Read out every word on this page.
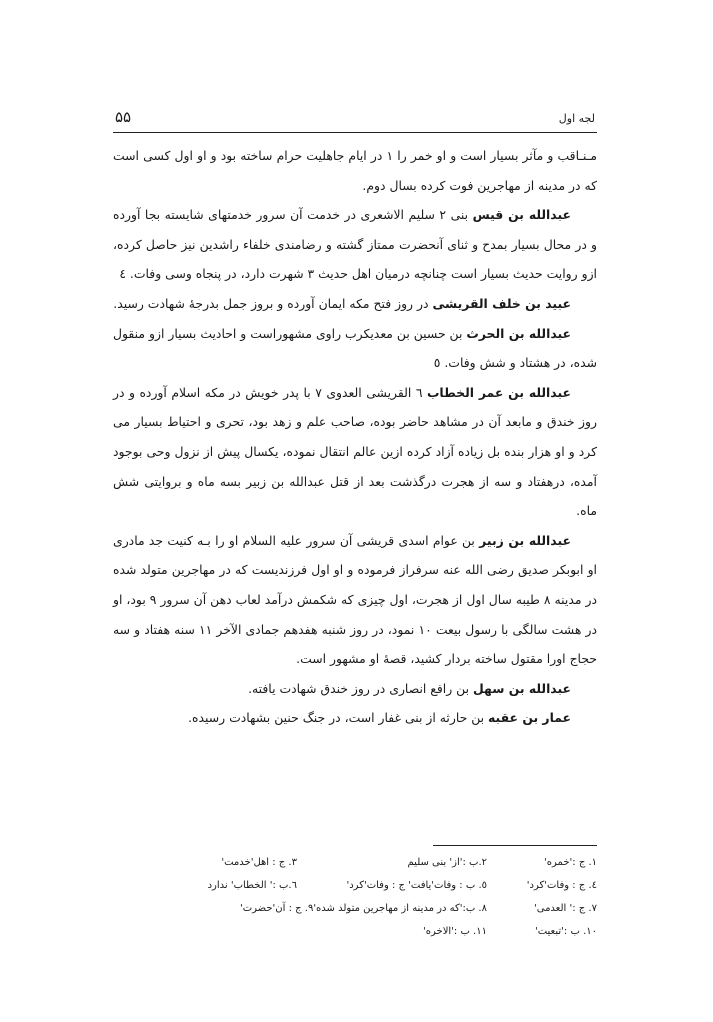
۵۵	لجه اول

مـنـاقب و مآثر بسيار است و او خمر را ۱ در ايام جاهليت حرام ساخته بود و او اول كسى است كه در مدينه از مهاجرين فوت كرده بسال دوم.

عبدالله بن قيس بنى ۲ سليم الاشعرى در خدمت آن سرور خدمتهاى شايسته بجا آورده و در محال بسيار بمدح و ثناى آنحضرت ممتاز گشته و رضامندى خلفاء راشدين نيز حاصل كرده، ازو روايت حديث بسيار است چنانچه درميان اهل حديث ۳ شهرت دارد، در پنجاه وسى وفات. ٤

عبيد بن خلف القريشى در روز فتح مكه ايمان آورده و بروز جمل بدرجهٔ شهادت رسيد.

عبدالله بن الحرث بن حسين بن معديكرب راوى مشهوراست و احاديث بسيار ازو منقول شده، در هشتاد و شش وفات. ٥

عبدالله بن عمر الخطاب ٦ القريشى العدوى ۷ با پدر خويش در مكه اسلام آورده و در روز خندق و مابعد آن در مشاهد حاضر بوده، صاحب علم و زهد بود، تحرى و احتياط بسيار مى كرد و او هزار بنده بل زياده آزاد كرده ازين عالم انتقال نموده، يكسال پيش از نزول وحى بوجود آمده، درهفتاد و سه از هجرت درگذشت بعد از قتل عبدالله بن زبير بسه ماه و بروايتى شش ماه.

عبدالله بن زبير بن عوام اسدى قريشى آن سرور عليه السلام او را بـه كنيت جد مادرى او ابوبكر صديق رضى الله عنه سرفراز فرموده و او اول فرزنديست كه در مهاجرين متولد شده در مدينه ۸ طيبه سال اول از هجرت، اول چيزى كه شكمش درآمد لعاب دهن آن سرور ۹ بود، او در هشت سالگى با رسول بيعت ۱۰ نمود، در روز شنبه هفدهم جمادى الآخر ۱۱ سنه هفتاد و سه حجاج اورا مقتول ساخته بردار كشيد، قصهٔ او مشهور است.

عبدالله بن سهل بن رافع انصارى در روز خندق شهادت يافته.

عمار بن عقبه بن حارثه از بنى غفار است، در جنگ حنين بشهادت رسيده.

۱. ج :'خمره'
۲.ب :'از' بنى سليم
۳. ج : اهل'خدمت'
٤. ج : وفات'كرد'
٥. ب : وفات'يافت' ج : وفات'كرد'
٦.ب :' الخطاب' ندارد
۷. ج :' العدمى'
۸. ب:'كه در مدينه از مهاجرين متولد شده'۹. ج : آن'حضرت'
۱۰. ب :'تبعيت'
۱۱. ب :'الاخره'
